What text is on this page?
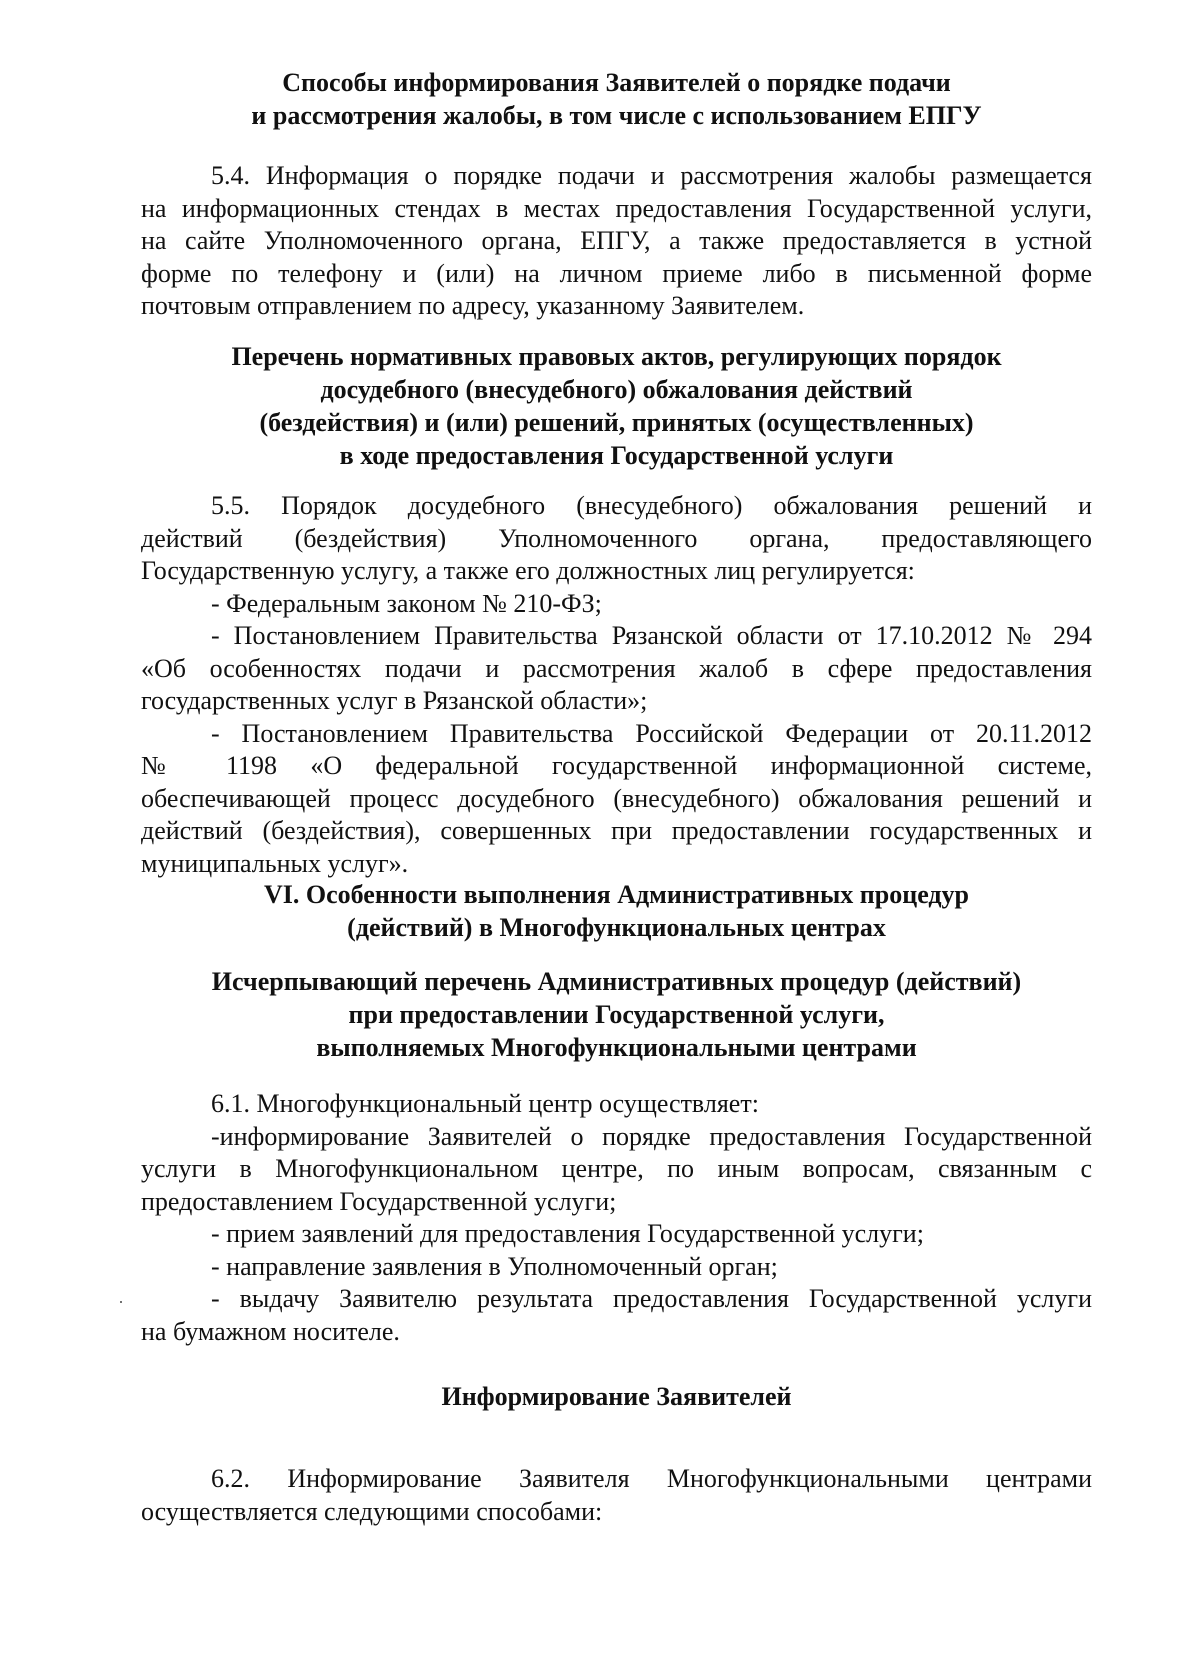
Способы информирования Заявителей о порядке подачи
и рассмотрения жалобы, в том числе с использованием ЕПГУ

5.4. Информация о порядке подачи и рассмотрения жалобы размещается
на информационных стендах в местах предоставления Государственной услуги,
на сайте Уполномоченного органа, ЕПГУ, а также предоставляется в устной
форме по телефону и (или) на личном приеме либо в письменной форме
почтовым отправлением по адресу, указанному Заявителем.

Перечень нормативных правовых актов, регулирующих порядок
досудебного (внесудебного) обжалования действий
(бездействия) и (или) решений, принятых (осуществленных)
в ходе предоставления Государственной услуги

5.5. Порядок досудебного (внесудебного) обжалования решений и
действий (бездействия) Уполномоченного органа, предоставляющего
Государственную услугу, а также его должностных лиц регулируется:

- Федеральным законом № 210-ФЗ;

- Постановлением Правительства Рязанской области от 17.10.2012 № 294
«Об особенностях подачи и рассмотрения жалоб в сфере предоставления
государственных услуг в Рязанской области»;

- Постановлением Правительства Российской Федерации от 20.11.2012
№ 1198 «О федеральной государственной информационной системе,
обеспечивающей процесс досудебного (внесудебного) обжалования решений и
действий (бездействия), совершенных при предоставлении государственных и
муниципальных услуг».

VI. Особенности выполнения Административных процедур
(действий) в Многофункциональных центрах
Исчерпывающий перечень Административных процедур (действий)
при предоставлении Государственной услуги,
выполняемых Многофункциональными центрами

6.1. Многофункциональный центр осуществляет:

-информирование Заявителей о порядке предоставления Государственной
услуги в Многофункциональном центре, по иным вопросам, связанным с
предоставлением Государственной услуги;

- прием заявлений для предоставления Государственной услуги;

- направление заявления в Уполномоченный орган;

- выдачу Заявителю результата предоставления Государственной услуги
на бумажном носителе.

Информирование Заявителей

6.2. Информирование Заявителя Многофункциональными центрами
осуществляется следующими способами:
